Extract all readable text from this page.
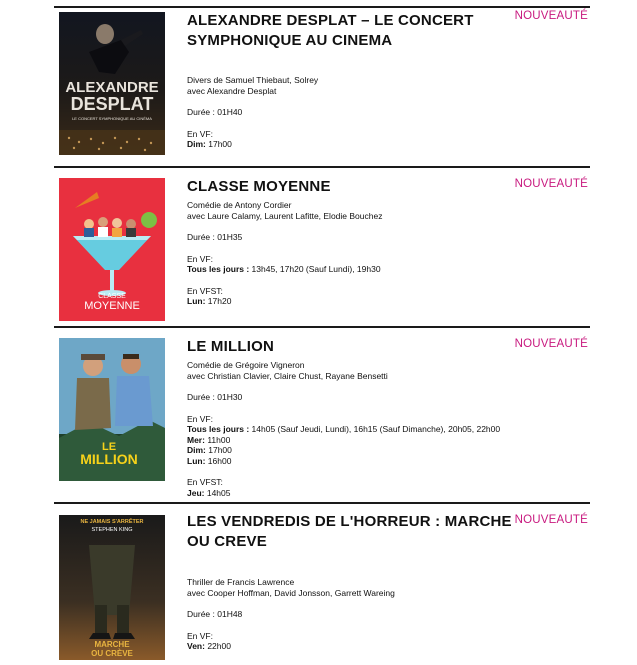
ALEXANDRE
DESPLAT
LE CONCERT SYMPHONIQUE AU CINÉMA
ALEXANDRE DESPLAT – LE CONCERT SYMPHONIQUE AU CINEMA
NOUVEAUTÉ

Divers de Samuel Thiebaut, Solrey

avec Alexandre Desplat

Durée : 01H40

En VF:

Dim: 17h00

CLASSE
MOYENNE
CLASSE MOYENNE	NOUVEAUTÉ

Comédie de Antony Cordier

avec Laure Calamy, Laurent Lafitte, Elodie Bouchez

Durée : 01H35

En VF:

Tous les jours : 13h45, 17h20 (Sauf Lundi), 19h30

En VFST:

Lun: 17h20

LE
MILLION
LE MILLION	NOUVEAUTÉ

Comédie de Grégoire Vigneron

avec Christian Clavier, Claire Chust, Rayane Bensetti

Durée : 01H30

En VF:

Tous les jours : 14h05 (Sauf Jeudi, Lundi), 16h15 (Sauf Dimanche), 20h05, 22h00

Mer: 11h00

Dim: 17h00

Lun: 16h00

En VFST:

Jeu: 14h05

NE JAMAIS S'ARRÊTER
STEPHEN KING
MARCHE
OU CRÈVE
LES VENDREDIS DE L'HORREUR : MARCHE OU CREVE
NOUVEAUTÉ

Thriller de Francis Lawrence

avec Cooper Hoffman, David Jonsson, Garrett Wareing

Durée : 01H48

En VF:

Ven: 22h00
